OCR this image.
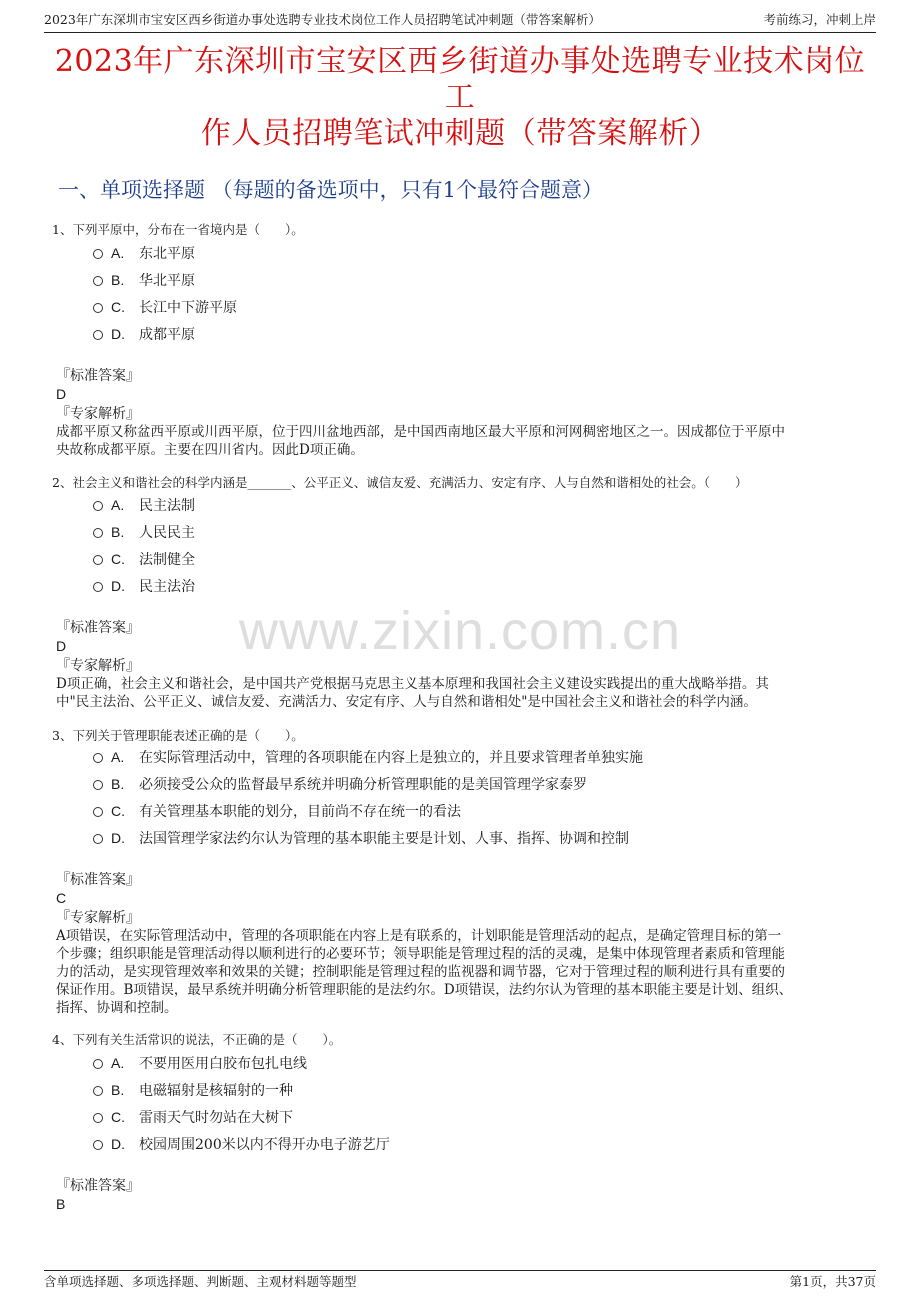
2023年广东深圳市宝安区西乡街道办事处选聘专业技术岗位工作人员招聘笔试冲刺题（带答案解析）	考前练习，冲刺上岸
2023年广东深圳市宝安区西乡街道办事处选聘专业技术岗位工
作人员招聘笔试冲刺题（带答案解析）
一、单项选择题 （每题的备选项中，只有1个最符合题意）
www.zixin.com.cn
1、下列平原中，分布在一省境内是（　　）。
A. 东北平原
B. 华北平原
C. 长江中下游平原
D. 成都平原
『标准答案』
D
『专家解析』
成都平原又称盆西平原或川西平原，位于四川盆地西部，是中国西南地区最大平原和河网稠密地区之一。因成都位于平原中
央故称成都平原。主要在四川省内。因此D项正确。
2、社会主义和谐社会的科学内涵是_______、公平正义、诚信友爱、充满活力、安定有序、人与自然和谐相处的社会。（　　）
A. 民主法制
B. 人民民主
C. 法制健全
D. 民主法治
『标准答案』
D
『专家解析』
D项正确，社会主义和谐社会，是中国共产党根据马克思主义基本原理和我国社会主义建设实践提出的重大战略举措。其
中"民主法治、公平正义、诚信友爱、充满活力、安定有序、人与自然和谐相处"是中国社会主义和谐社会的科学内涵。
3、下列关于管理职能表述正确的是（　　）。
A. 在实际管理活动中，管理的各项职能在内容上是独立的，并且要求管理者单独实施
B. 必须接受公众的监督最早系统并明确分析管理职能的是美国管理学家泰罗
C. 有关管理基本职能的划分，目前尚不存在统一的看法
D. 法国管理学家法约尔认为管理的基本职能主要是计划、人事、指挥、协调和控制
『标准答案』
C
『专家解析』
A项错误，在实际管理活动中，管理的各项职能在内容上是有联系的，计划职能是管理活动的起点，是确定管理目标的第一
个步骤；组织职能是管理活动得以顺利进行的必要环节；领导职能是管理过程的活的灵魂，是集中体现管理者素质和管理能
力的活动，是实现管理效率和效果的关键；控制职能是管理过程的监视器和调节器，它对于管理过程的顺利进行具有重要的
保证作用。B项错误，最早系统并明确分析管理职能的是法约尔。D项错误，法约尔认为管理的基本职能主要是计划、组织、
指挥、协调和控制。
4、下列有关生活常识的说法，不正确的是（　　）。
A. 不要用医用白胶布包扎电线
B. 电磁辐射是核辐射的一种
C. 雷雨天气时勿站在大树下
D. 校园周围200米以内不得开办电子游艺厅
『标准答案』
B
含单项选择题、多项选择题、判断题、主观材料题等题型	第1页，共37页
